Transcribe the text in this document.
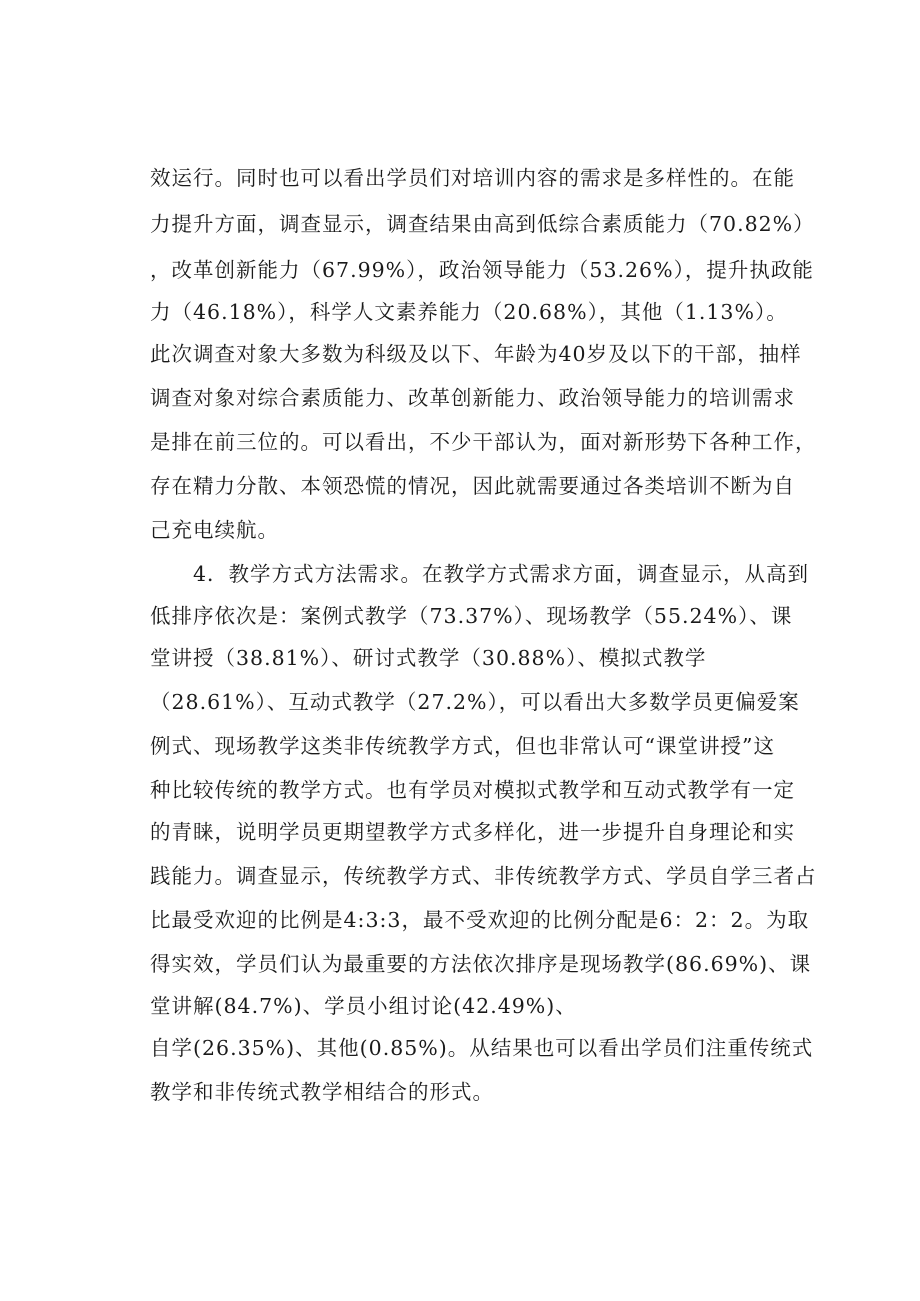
效运行。同时也可以看出学员们对培训内容的需求是多样性的。在能
力提升方面，调查显示，调查结果由高到低综合素质能力（70.82%）
，改革创新能力（67.99%），政治领导能力（53.26%），提升执政能
力（46.18%），科学人文素养能力（20.68%），其他（1.13%）。
此次调查对象大多数为科级及以下、年龄为40岁及以下的干部，抽样
调查对象对综合素质能力、改革创新能力、政治领导能力的培训需求
是排在前三位的。可以看出，不少干部认为，面对新形势下各种工作，
存在精力分散、本领恐慌的情况，因此就需要通过各类培训不断为自
己充电续航。
4．教学方式方法需求。在教学方式需求方面，调查显示，从高到
低排序依次是：案例式教学（73.37%）、现场教学（55.24%）、课
堂讲授（38.81%）、研讨式教学（30.88%）、模拟式教学
（28.61%）、互动式教学（27.2%），可以看出大多数学员更偏爱案
例式、现场教学这类非传统教学方式，但也非常认可“课堂讲授”这
种比较传统的教学方式。也有学员对模拟式教学和互动式教学有一定
的青睐，说明学员更期望教学方式多样化，进一步提升自身理论和实
践能力。调查显示，传统教学方式、非传统教学方式、学员自学三者占
比最受欢迎的比例是4:3:3，最不受欢迎的比例分配是6：2：2。为取
得实效，学员们认为最重要的方法依次排序是现场教学(86.69%)、课
堂讲解(84.7%)、学员小组讨论(42.49%)、
自学(26.35%)、其他(0.85%)。从结果也可以看出学员们注重传统式
教学和非传统式教学相结合的形式。
